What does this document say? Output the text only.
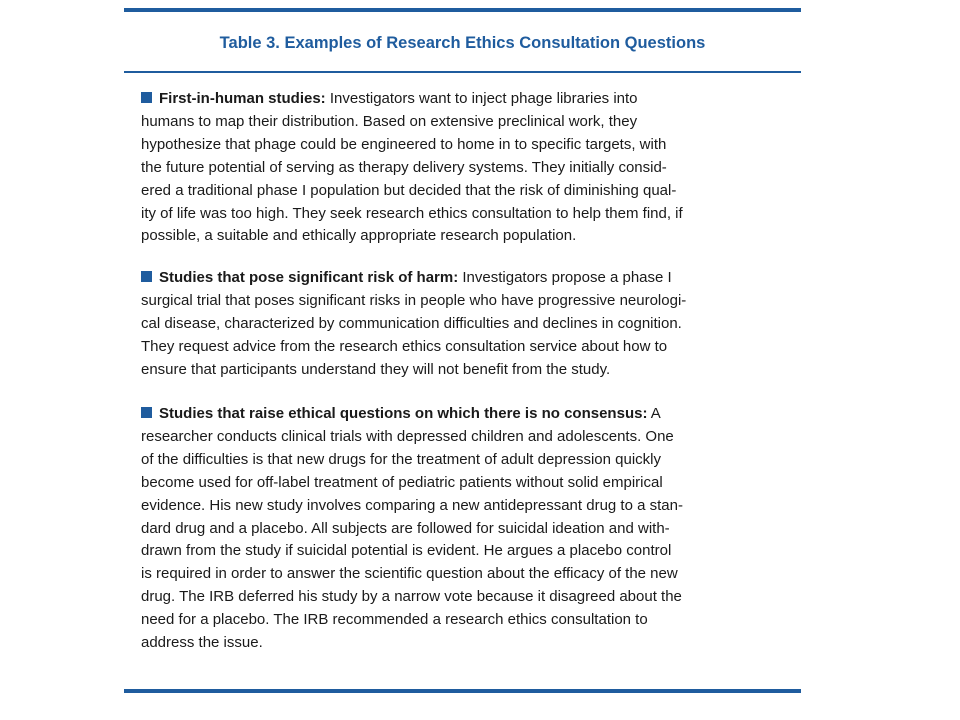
Table 3. Examples of Research Ethics Consultation Questions
First-in-human studies: Investigators want to inject phage libraries into
humans to map their distribution. Based on extensive preclinical work, they
hypothesize that phage could be engineered to home in to specific targets, with
the future potential of serving as therapy delivery systems. They initially consid-
ered a traditional phase I population but decided that the risk of diminishing qual-
ity of life was too high. They seek research ethics consultation to help them find, if
possible, a suitable and ethically appropriate research population.
Studies that pose significant risk of harm: Investigators propose a phase I
surgical trial that poses significant risks in people who have progressive neurologi-
cal disease, characterized by communication difficulties and declines in cognition.
They request advice from the research ethics consultation service about how to
ensure that participants understand they will not benefit from the study.
Studies that raise ethical questions on which there is no consensus: A
researcher conducts clinical trials with depressed children and adolescents. One
of the difficulties is that new drugs for the treatment of adult depression quickly
become used for off-label treatment of pediatric patients without solid empirical
evidence. His new study involves comparing a new antidepressant drug to a stan-
dard drug and a placebo. All subjects are followed for suicidal ideation and with-
drawn from the study if suicidal potential is evident. He argues a placebo control
is required in order to answer the scientific question about the efficacy of the new
drug. The IRB deferred his study by a narrow vote because it disagreed about the
need for a placebo. The IRB recommended a research ethics consultation to
address the issue.
